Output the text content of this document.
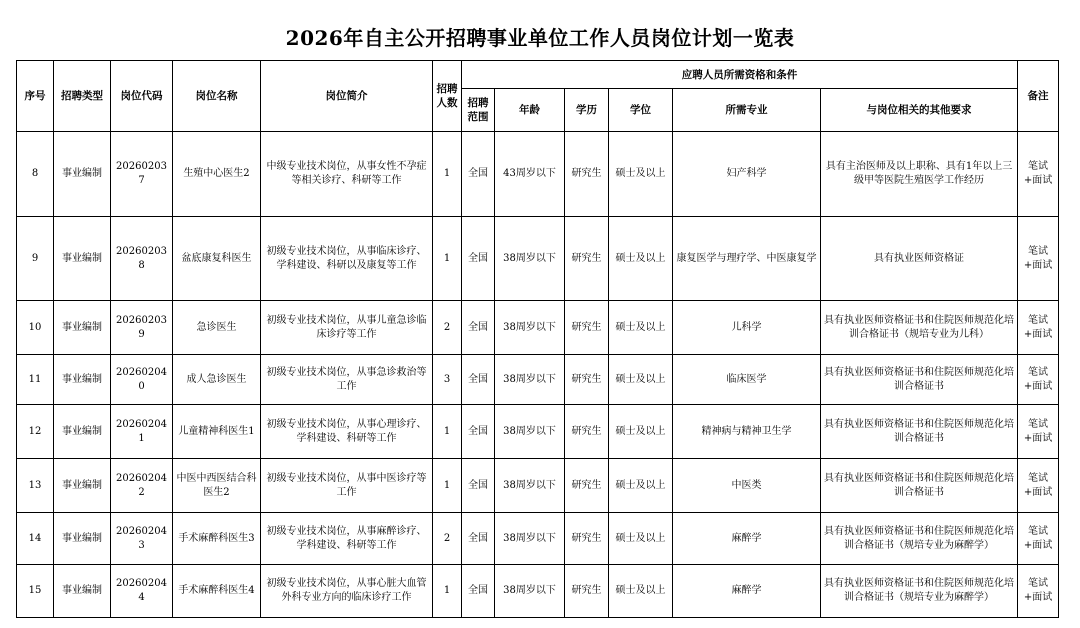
2026年自主公开招聘事业单位工作人员岗位计划一览表
序号	招聘类型	岗位代码	岗位名称	岗位简介	招聘人数	应聘人员所需资格和条件						备注
						招聘范围	年龄	学历	学位	所需专业	与岗位相关的其他要求	
8	事业编制	202602037	生殖中心医生2	中级专业技术岗位，从事女性不孕症等相关诊疗、科研等工作	1	全国	43周岁以下	研究生	硕士及以上	妇产科学	具有主治医师及以上职称、具有1年以上三级甲等医院生殖医学工作经历	笔试+面试
9	事业编制	202602038	盆底康复科医生	初级专业技术岗位，从事临床诊疗、学科建设、科研以及康复等工作	1	全国	38周岁以下	研究生	硕士及以上	康复医学与理疗学、中医康复学	具有执业医师资格证	笔试+面试
10	事业编制	202602039	急诊医生	初级专业技术岗位，从事儿童急诊临床诊疗等工作	2	全国	38周岁以下	研究生	硕士及以上	儿科学	具有执业医师资格证书和住院医师规范化培训合格证书（规培专业为儿科）	笔试+面试
11	事业编制	202602040	成人急诊医生	初级专业技术岗位，从事急诊救治等工作	3	全国	38周岁以下	研究生	硕士及以上	临床医学	具有执业医师资格证书和住院医师规范化培训合格证书	笔试+面试
12	事业编制	202602041	儿童精神科医生1	初级专业技术岗位，从事心理诊疗、学科建设、科研等工作	1	全国	38周岁以下	研究生	硕士及以上	精神病与精神卫生学	具有执业医师资格证书和住院医师规范化培训合格证书	笔试+面试
13	事业编制	202602042	中医中西医结合科医生2	初级专业技术岗位，从事中医诊疗等工作	1	全国	38周岁以下	研究生	硕士及以上	中医类	具有执业医师资格证书和住院医师规范化培训合格证书	笔试+面试
14	事业编制	202602043	手术麻醉科医生3	初级专业技术岗位，从事麻醉诊疗、学科建设、科研等工作	2	全国	38周岁以下	研究生	硕士及以上	麻醉学	具有执业医师资格证书和住院医师规范化培训合格证书（规培专业为麻醉学）	笔试+面试
15	事业编制	202602044	手术麻醉科医生4	初级专业技术岗位，从事心脏大血管外科专业方向的临床诊疗工作	1	全国	38周岁以下	研究生	硕士及以上	麻醉学	具有执业医师资格证书和住院医师规范化培训合格证书（规培专业为麻醉学）	笔试+面试
